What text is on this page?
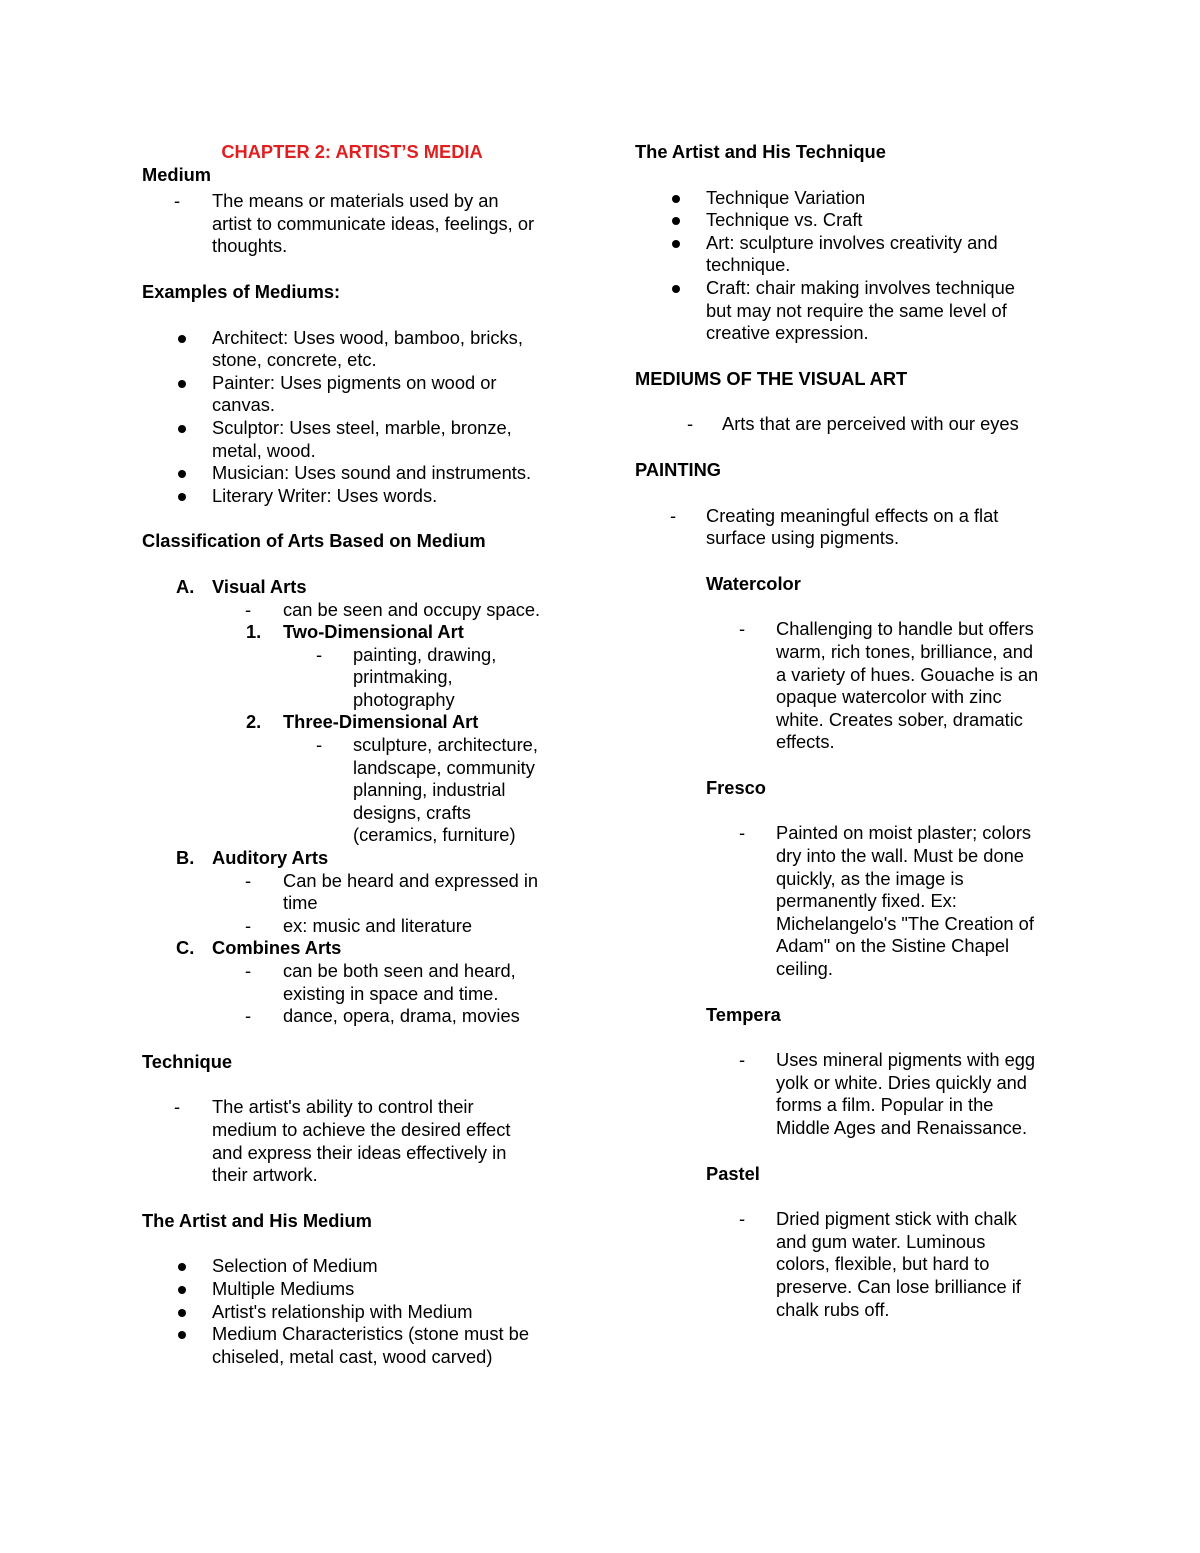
CHAPTER 2: ARTIST’S MEDIA
Medium
- The means or materials used by an
artist to communicate ideas, feelings, or
thoughts.
Examples of Mediums:
Architect: Uses wood, bamboo, bricks,
stone, concrete, etc.
Painter: Uses pigments on wood or
canvas.
Sculptor: Uses steel, marble, bronze,
metal, wood.
Musician: Uses sound and instruments.
Literary Writer: Uses words.
Classification of Arts Based on Medium
A. Visual Arts
- can be seen and occupy space.
1. Two-Dimensional Art
- painting, drawing,
printmaking,
photography
2. Three-Dimensional Art
- sculpture, architecture,
landscape, community
planning, industrial
designs, crafts
(ceramics, furniture)
B. Auditory Arts
- Can be heard and expressed in
time
- ex: music and literature
C. Combines Arts
- can be both seen and heard,
existing in space and time.
- dance, opera, drama, movies
Technique
- The artist's ability to control their
medium to achieve the desired effect
and express their ideas effectively in
their artwork.
The Artist and His Medium
Selection of Medium
Multiple Mediums
Artist's relationship with Medium
Medium Characteristics (stone must be
chiseled, metal cast, wood carved)
The Artist and His Technique
Technique Variation
Technique vs. Craft
Art: sculpture involves creativity and
technique.
Craft: chair making involves technique
but may not require the same level of
creative expression.
MEDIUMS OF THE VISUAL ART
- Arts that are perceived with our eyes
PAINTING
- Creating meaningful effects on a flat
surface using pigments.
Watercolor
- Challenging to handle but offers
warm, rich tones, brilliance, and
a variety of hues. Gouache is an
opaque watercolor with zinc
white. Creates sober, dramatic
effects.
Fresco
- Painted on moist plaster; colors
dry into the wall. Must be done
quickly, as the image is
permanently fixed. Ex:
Michelangelo's "The Creation of
Adam" on the Sistine Chapel
ceiling.
Tempera
- Uses mineral pigments with egg
yolk or white. Dries quickly and
forms a film. Popular in the
Middle Ages and Renaissance.
Pastel
- Dried pigment stick with chalk
and gum water. Luminous
colors, flexible, but hard to
preserve. Can lose brilliance if
chalk rubs off.
